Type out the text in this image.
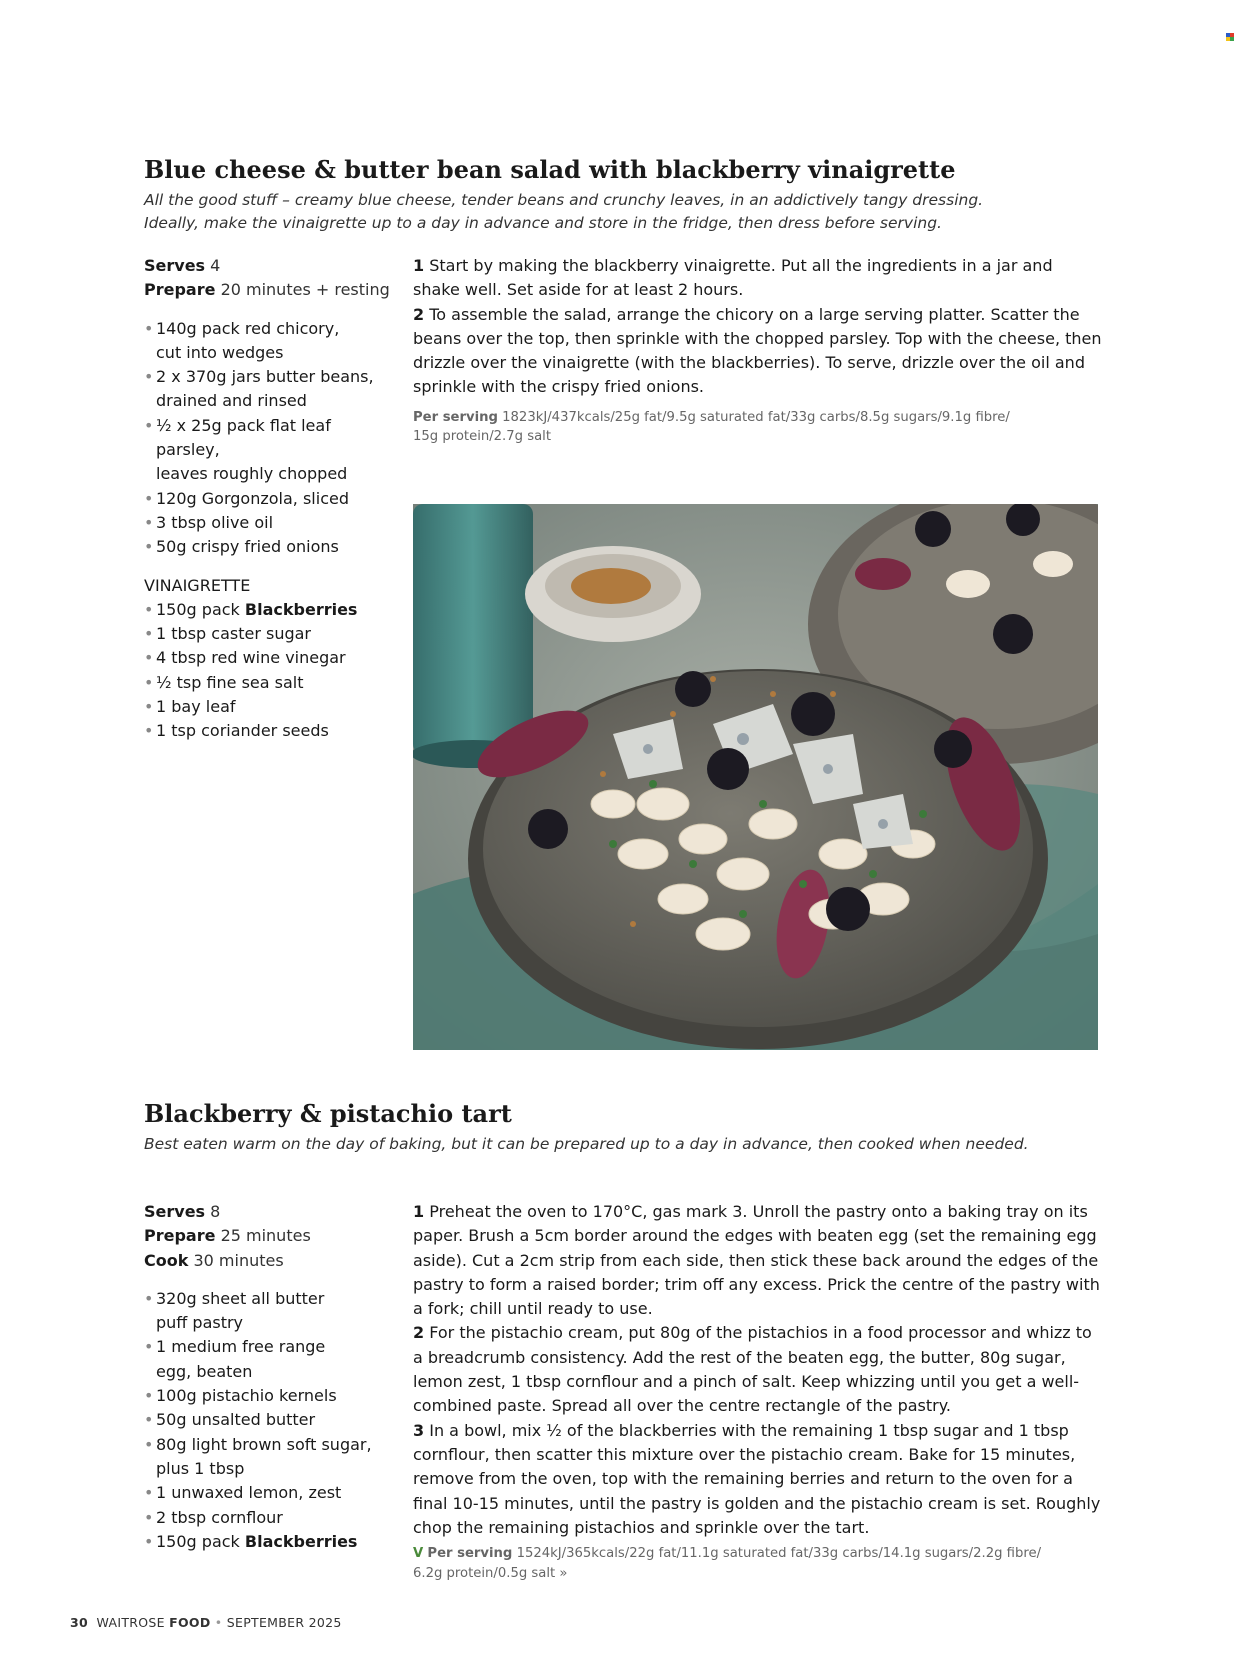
Blue cheese & butter bean salad with blackberry vinaigrette
All the good stuff – creamy blue cheese, tender beans and crunchy leaves, in an addictively tangy dressing.
Ideally, make the vinaigrette up to a day in advance and store in the fridge, then dress before serving.
Serves 4
Prepare 20 minutes + resting
• 140g pack red chicory,
cut into wedges
• 2 x 370g jars butter beans,
drained and rinsed
• ½ x 25g pack flat leaf parsley,
leaves roughly chopped
• 120g Gorgonzola, sliced
• 3 tbsp olive oil
• 50g crispy fried onions
VINAIGRETTE
• 150g pack Blackberries
• 1 tbsp caster sugar
• 4 tbsp red wine vinegar
• ½ tsp fine sea salt
• 1 bay leaf
• 1 tsp coriander seeds

1 Start by making the blackberry vinaigrette. Put all the ingredients in a jar and shake well. Set aside for at least 2 hours.

2 To assemble the salad, arrange the chicory on a large serving platter. Scatter the beans over the top, then sprinkle with the chopped parsley. Top with the cheese, then drizzle over the vinaigrette (with the blackberries). To serve, drizzle over the oil and sprinkle with the crispy fried onions.

Per serving 1823kJ/437kcals/25g fat/9.5g saturated fat/33g carbs/8.5g sugars/9.1g fibre/
15g protein/2.7g salt
Blackberry & pistachio tart
Best eaten warm on the day of baking, but it can be prepared up to a day in advance, then cooked when needed.
Serves 8
Prepare 25 minutes
Cook 30 minutes
• 320g sheet all butter
puff pastry
• 1 medium free range
egg, beaten
• 100g pistachio kernels
• 50g unsalted butter
• 80g light brown soft sugar,
plus 1 tbsp
• 1 unwaxed lemon, zest
• 2 tbsp cornflour
• 150g pack Blackberries

1 Preheat the oven to 170°C, gas mark 3. Unroll the pastry onto a baking tray on its paper. Brush a 5cm border around the edges with beaten egg (set the remaining egg aside). Cut a 2cm strip from each side, then stick these back around the edges of the pastry to form a raised border; trim off any excess. Prick the centre of the pastry with a fork; chill until ready to use.

2 For the pistachio cream, put 80g of the pistachios in a food processor and whizz to a breadcrumb consistency. Add the rest of the beaten egg, the butter, 80g sugar, lemon zest, 1 tbsp cornflour and a pinch of salt. Keep whizzing until you get a well-combined paste. Spread all over the centre rectangle of the pastry.

3 In a bowl, mix ½ of the blackberries with the remaining 1 tbsp sugar and 1 tbsp cornflour, then scatter this mixture over the pistachio cream. Bake for 15 minutes, remove from the oven, top with the remaining berries and return to the oven for a final 10-15 minutes, until the pastry is golden and the pistachio cream is set. Roughly chop the remaining pistachios and sprinkle over the tart.

V Per serving 1524kJ/365kcals/22g fat/11.1g saturated fat/33g carbs/14.1g sugars/2.2g fibre/
6.2g protein/0.5g salt »
30 WAITROSE FOOD • SEPTEMBER 2025
